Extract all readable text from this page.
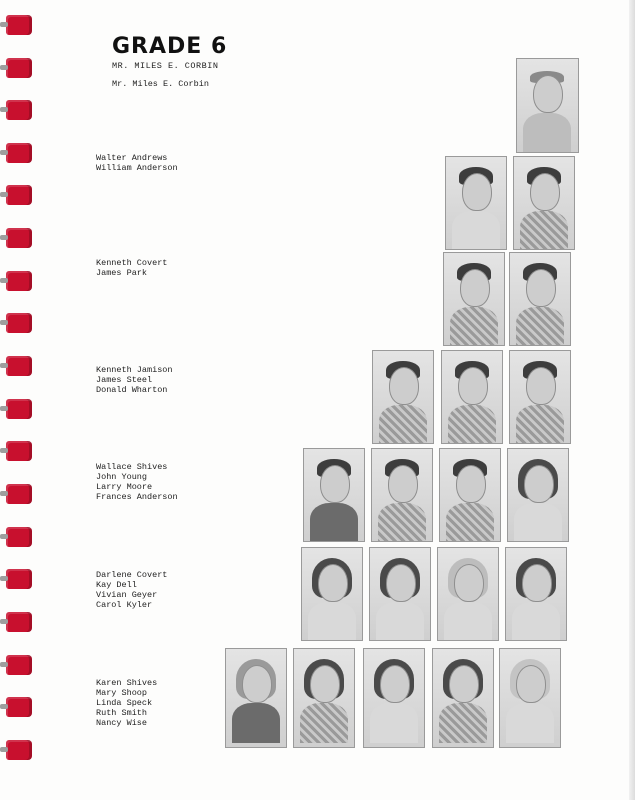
GRADE 6
MR. MILES E. CORBIN
Mr. Miles E. Corbin
Walter Andrews
William Anderson
Kenneth Covert
James Park
Kenneth Jamison
James Steel
Donald Wharton
Wallace Shives
John Young
Larry Moore
Frances Anderson
Darlene Covert
Kay Dell
Vivian Geyer
Carol Kyler
Karen Shives
Mary Shoop
Linda Speck
Ruth Smith
Nancy Wise
